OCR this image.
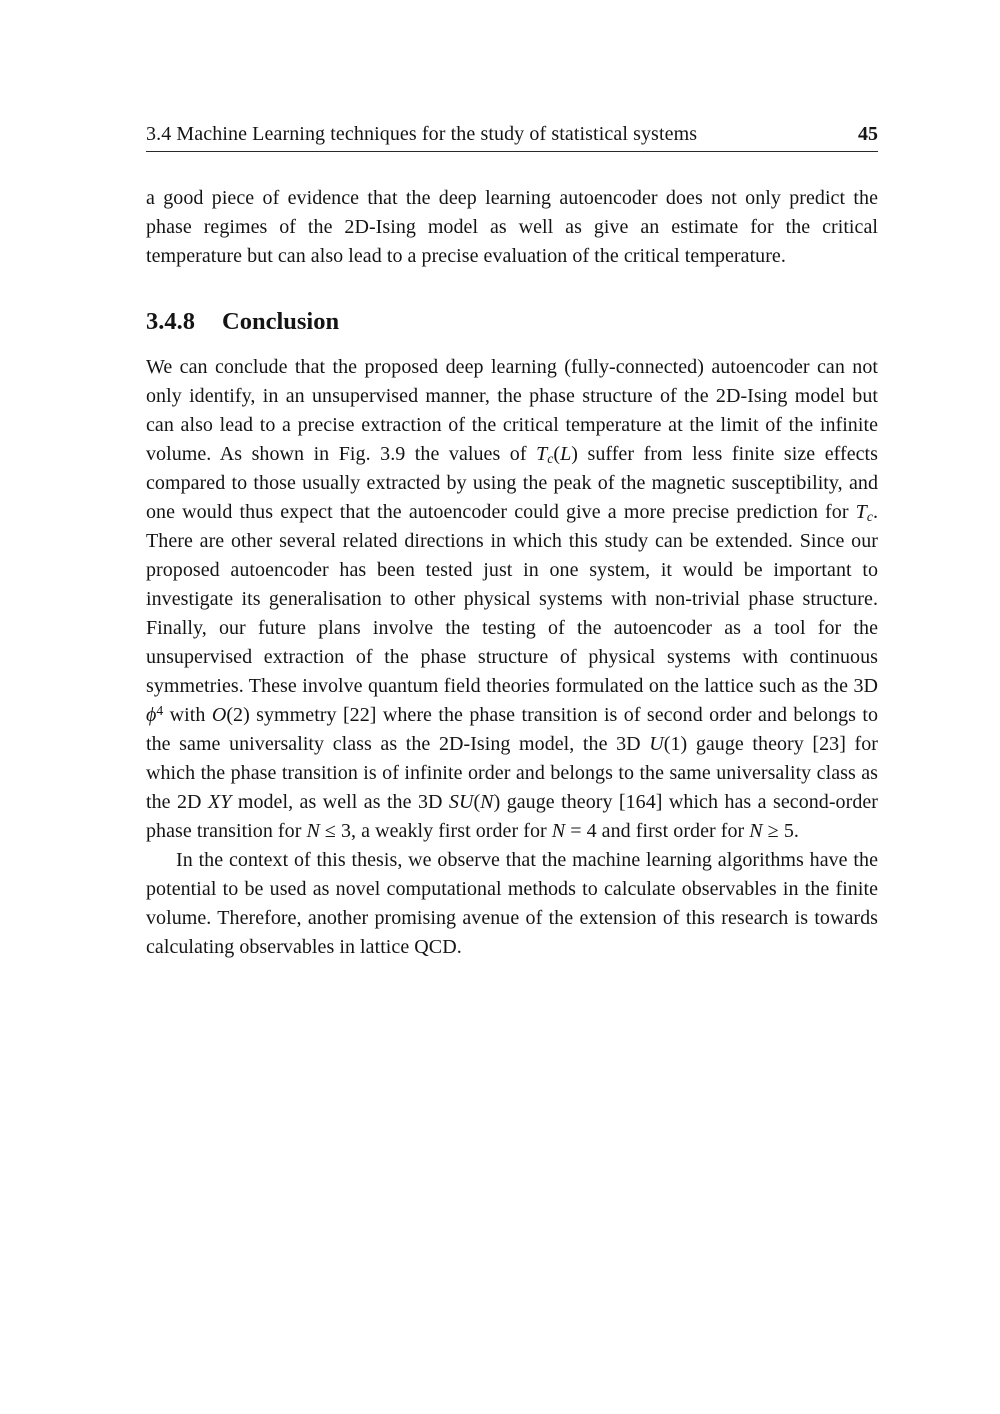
3.4 Machine Learning techniques for the study of statistical systems	45

a good piece of evidence that the deep learning autoencoder does not only predict the phase regimes of the 2D-Ising model as well as give an estimate for the critical temperature but can also lead to a precise evaluation of the critical temperature.

3.4.8 Conclusion

We can conclude that the proposed deep learning (fully-connected) autoencoder can not only identify, in an unsupervised manner, the phase structure of the 2D-Ising model but can also lead to a precise extraction of the critical temperature at the limit of the infinite volume. As shown in Fig. 3.9 the values of Tc(L) suffer from less finite size effects compared to those usually extracted by using the peak of the magnetic susceptibility, and one would thus expect that the autoencoder could give a more precise prediction for Tc. There are other several related directions in which this study can be extended. Since our proposed autoencoder has been tested just in one system, it would be important to investigate its generalisation to other physical systems with non-trivial phase structure. Finally, our future plans involve the testing of the autoencoder as a tool for the unsupervised extraction of the phase structure of physical systems with continuous symmetries. These involve quantum field theories formulated on the lattice such as the 3D $\phi^4$ with O(2) symmetry [22] where the phase transition is of second order and belongs to the same universality class as the 2D-Ising model, the 3D U(1) gauge theory [23] for which the phase transition is of infinite order and belongs to the same universality class as the 2D XY model, as well as the 3D SU(N) gauge theory [164] which has a second-order phase transition for N ≤ 3, a weakly first order for N = 4 and first order for N ≥ 5.

In the context of this thesis, we observe that the machine learning algorithms have the potential to be used as novel computational methods to calculate observables in the finite volume. Therefore, another promising avenue of the extension of this research is towards calculating observables in lattice QCD.
